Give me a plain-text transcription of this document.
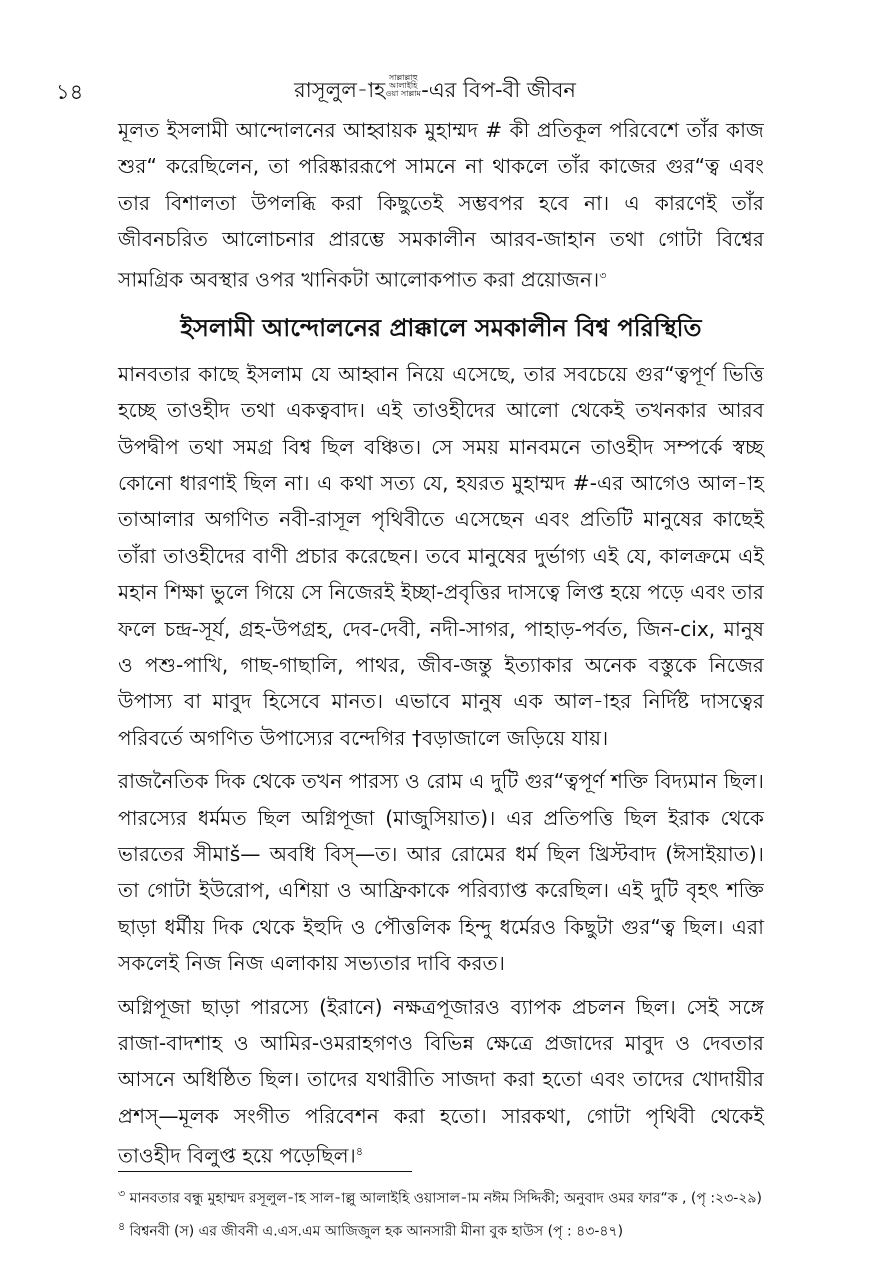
১৪	রাসূলুল-াহসাল্লাল্লাহু
আলাইহি
ওয়া সাল্লাম-এর বিপ-বী জীবন

মূলত ইসলামী আন্দোলনের আহ্বায়ক মুহাম্মদ # কী প্রতিকূল পরিবেশে তাঁর কাজ শুর“ করেছিলেন, তা পরিষ্কাররূপে সামনে না থাকলে তাঁর কাজের গুর“ত্ব এবং তার বিশালতা উপলব্ধি করা কিছুতেই সম্ভবপর হবে না। এ কারণেই তাঁর জীবনচরিত আলোচনার প্রারম্ভে সমকালীন আরব-জাহান তথা গোটা বিশ্বের সামগ্রিক অবস্থার ওপর খানিকটা আলোকপাত করা প্রয়োজন।$^৩$

ইসলামী আন্দোলনের প্রাক্কালে সমকালীন বিশ্ব পরিস্থিতি

মানবতার কাছে ইসলাম যে আহ্বান নিয়ে এসেছে, তার সবচেয়ে গুর“ত্বপূর্ণ ভিত্তি হচ্ছে তাওহীদ তথা একত্ববাদ। এই তাওহীদের আলো থেকেই তখনকার আরব উপদ্বীপ তথা সমগ্র বিশ্ব ছিল বঞ্চিত। সে সময় মানবমনে তাওহীদ সম্পর্কে স্বচ্ছ কোনো ধারণাই ছিল না। এ কথা সত্য যে, হযরত মুহাম্মদ #-এর আগেও আল-াহ তাআলার অগণিত নবী-রাসূল পৃথিবীতে এসেছেন এবং প্রতিটি মানুষের কাছেই তাঁরা তাওহীদের বাণী প্রচার করেছেন। তবে মানুষের দুর্ভাগ্য এই যে, কালক্রমে এই মহান শিক্ষা ভুলে গিয়ে সে নিজেরই ইচ্ছা-প্রবৃত্তির দাসত্বে লিপ্ত হয়ে পড়ে এবং তার ফলে চন্দ্র-সূর্য, গ্রহ-উপগ্রহ, দেব-দেবী, নদী-সাগর, পাহাড়-পর্বত, জিন-cix, মানুষ ও পশু-পাখি, গাছ-গাছালি, পাথর, জীব-জন্তু ইত্যাকার অনেক বস্তুকে নিজের উপাস্য বা মাবুদ হিসেবে মানত। এভাবে মানুষ এক আল-াহর নির্দিষ্ট দাসত্বের পরিবর্তে অগণিত উপাস্যের বন্দেগির †বড়াজালে জড়িয়ে যায়।

রাজনৈতিক দিক থেকে তখন পারস্য ও রোম এ দুটি গুর“ত্বপূর্ণ শক্তি বিদ্যমান ছিল। পারস্যের ধর্মমত ছিল অগ্নিপূজা (মাজুসিয়াত)। এর প্রতিপত্তি ছিল ইরাক থেকে ভারতের সীমাš— অবধি বিস্—ত। আর রোমের ধর্ম ছিল খ্রিস্টবাদ (ঈসাইয়াত)। তা গোটা ইউরোপ, এশিয়া ও আফ্রিকাকে পরিব্যাপ্ত করেছিল। এই দুটি বৃহৎ শক্তি ছাড়া ধর্মীয় দিক থেকে ইহুদি ও পৌত্তলিক হিন্দু ধর্মেরও কিছুটা গুর“ত্ব ছিল। এরা সকলেই নিজ নিজ এলাকায় সভ্যতার দাবি করত।

অগ্নিপূজা ছাড়া পারস্যে (ইরানে) নক্ষত্রপূজারও ব্যাপক প্রচলন ছিল। সেই সঙ্গে রাজা-বাদশাহ ও আমির-ওমরাহগণও বিভিন্ন ক্ষেত্রে প্রজাদের মাবুদ ও দেবতার আসনে অধিষ্ঠিত ছিল। তাদের যথারীতি সাজদা করা হতো এবং তাদের খোদায়ীর প্রশস্—মূলক সংগীত পরিবেশন করা হতো। সারকথা, গোটা পৃথিবী থেকেই তাওহীদ বিলুপ্ত হয়ে পড়েছিল।$^৪$

$^৩$ মানবতার বন্ধু মুহাম্মদ রসূলুল-াহ সাল-াল্লু আলাইহি ওয়াসাল-াম নঈম সিদ্দিকী; অনুবাদ ওমর ফার“ক , (পৃ :২৩-২৯)

$^৪$ বিশ্বনবী (স) এর জীবনী এ.এস.এম আজিজুল হক আনসারী মীনা বুক হাউস (পৃ : ৪৩-৪৭)
